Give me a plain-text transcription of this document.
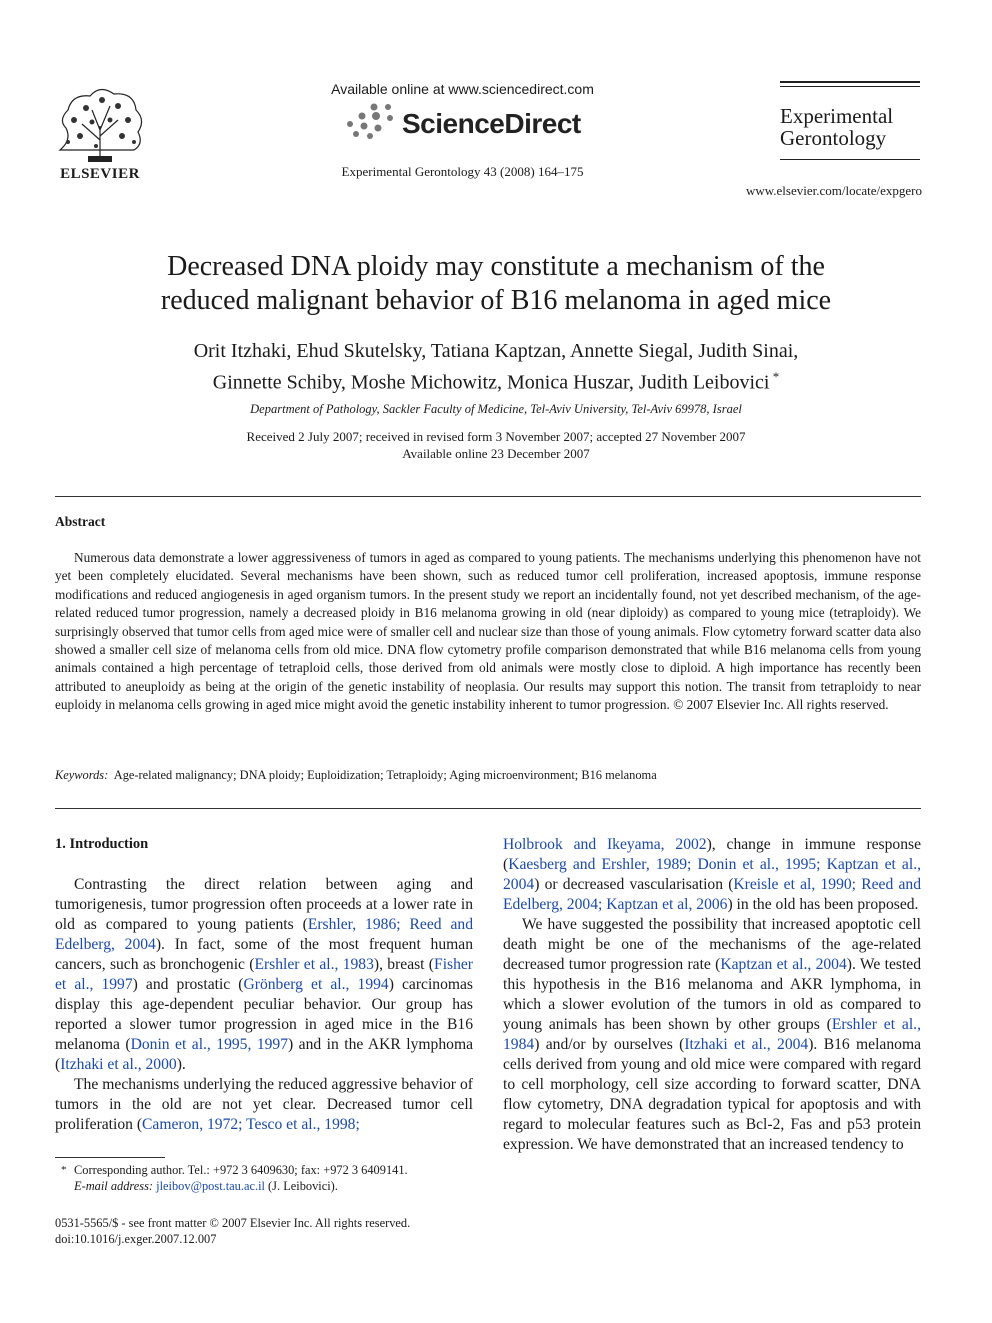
ELSEVIER
Available online at www.sciencedirect.com
ScienceDirect
Experimental Gerontology 43 (2008) 164–175
Experimental
Gerontology
www.elsevier.com/locate/expgero
Decreased DNA ploidy may constitute a mechanism of the
reduced malignant behavior of B16 melanoma in aged mice
Orit Itzhaki, Ehud Skutelsky, Tatiana Kaptzan, Annette Siegal, Judith Sinai,
Ginnette Schiby, Moshe Michowitz, Monica Huszar, Judith Leibovici *
Department of Pathology, Sackler Faculty of Medicine, Tel-Aviv University, Tel-Aviv 69978, Israel
Received 2 July 2007; received in revised form 3 November 2007; accepted 27 November 2007
Available online 23 December 2007
Abstract
Numerous data demonstrate a lower aggressiveness of tumors in aged as compared to young patients. The mechanisms underlying this phenomenon have not yet been completely elucidated. Several mechanisms have been shown, such as reduced tumor cell proliferation, increased apoptosis, immune response modifications and reduced angiogenesis in aged organism tumors. In the present study we report an incidentally found, not yet described mechanism, of the age-related reduced tumor progression, namely a decreased ploidy in B16 melanoma growing in old (near diploidy) as compared to young mice (tetraploidy). We surprisingly observed that tumor cells from aged mice were of smaller cell and nuclear size than those of young animals. Flow cytometry forward scatter data also showed a smaller cell size of melanoma cells from old mice. DNA flow cytometry profile comparison demonstrated that while B16 melanoma cells from young animals contained a high percentage of tetraploid cells, those derived from old animals were mostly close to diploid. A high importance has recently been attributed to aneuploidy as being at the origin of the genetic instability of neoplasia. Our results may support this notion. The transit from tetraploidy to near euploidy in melanoma cells growing in aged mice might avoid the genetic instability inherent to tumor progression. © 2007 Elsevier Inc. All rights reserved.
Keywords: Age-related malignancy; DNA ploidy; Euploidization; Tetraploidy; Aging microenvironment; B16 melanoma
1. Introduction

Contrasting the direct relation between aging and tumorigenesis, tumor progression often proceeds at a lower rate in old as compared to young patients (Ershler, 1986; Reed and Edelberg, 2004). In fact, some of the most frequent human cancers, such as bronchogenic (Ershler et al., 1983), breast (Fisher et al., 1997) and prostatic (Grönberg et al., 1994) carcinomas display this age-dependent peculiar behavior. Our group has reported a slower tumor progression in aged mice in the B16 melanoma (Donin et al., 1995, 1997) and in the AKR lymphoma (Itzhaki et al., 2000).

The mechanisms underlying the reduced aggressive behavior of tumors in the old are not yet clear. Decreased tumor cell proliferation (Cameron, 1972; Tesco et al., 1998;

Holbrook and Ikeyama, 2002), change in immune response (Kaesberg and Ershler, 1989; Donin et al., 1995; Kaptzan et al., 2004) or decreased vascularisation (Kreisle et al, 1990; Reed and Edelberg, 2004; Kaptzan et al, 2006) in the old has been proposed.

We have suggested the possibility that increased apoptotic cell death might be one of the mechanisms of the age-related decreased tumor progression rate (Kaptzan et al., 2004). We tested this hypothesis in the B16 melanoma and AKR lymphoma, in which a slower evolution of the tumors in old as compared to young animals has been shown by other groups (Ershler et al., 1984) and/or by ourselves (Itzhaki et al., 2004). B16 melanoma cells derived from young and old mice were compared with regard to cell morphology, cell size according to forward scatter, DNA flow cytometry, DNA degradation typical for apoptosis and with regard to molecular features such as Bcl-2, Fas and p53 protein expression. We have demonstrated that an increased tendency to

* Corresponding author. Tel.: +972 3 6409630; fax: +972 3 6409141.
E-mail address: jleibov@post.tau.ac.il (J. Leibovici).
0531-5565/$ - see front matter © 2007 Elsevier Inc. All rights reserved.
doi:10.1016/j.exger.2007.12.007
